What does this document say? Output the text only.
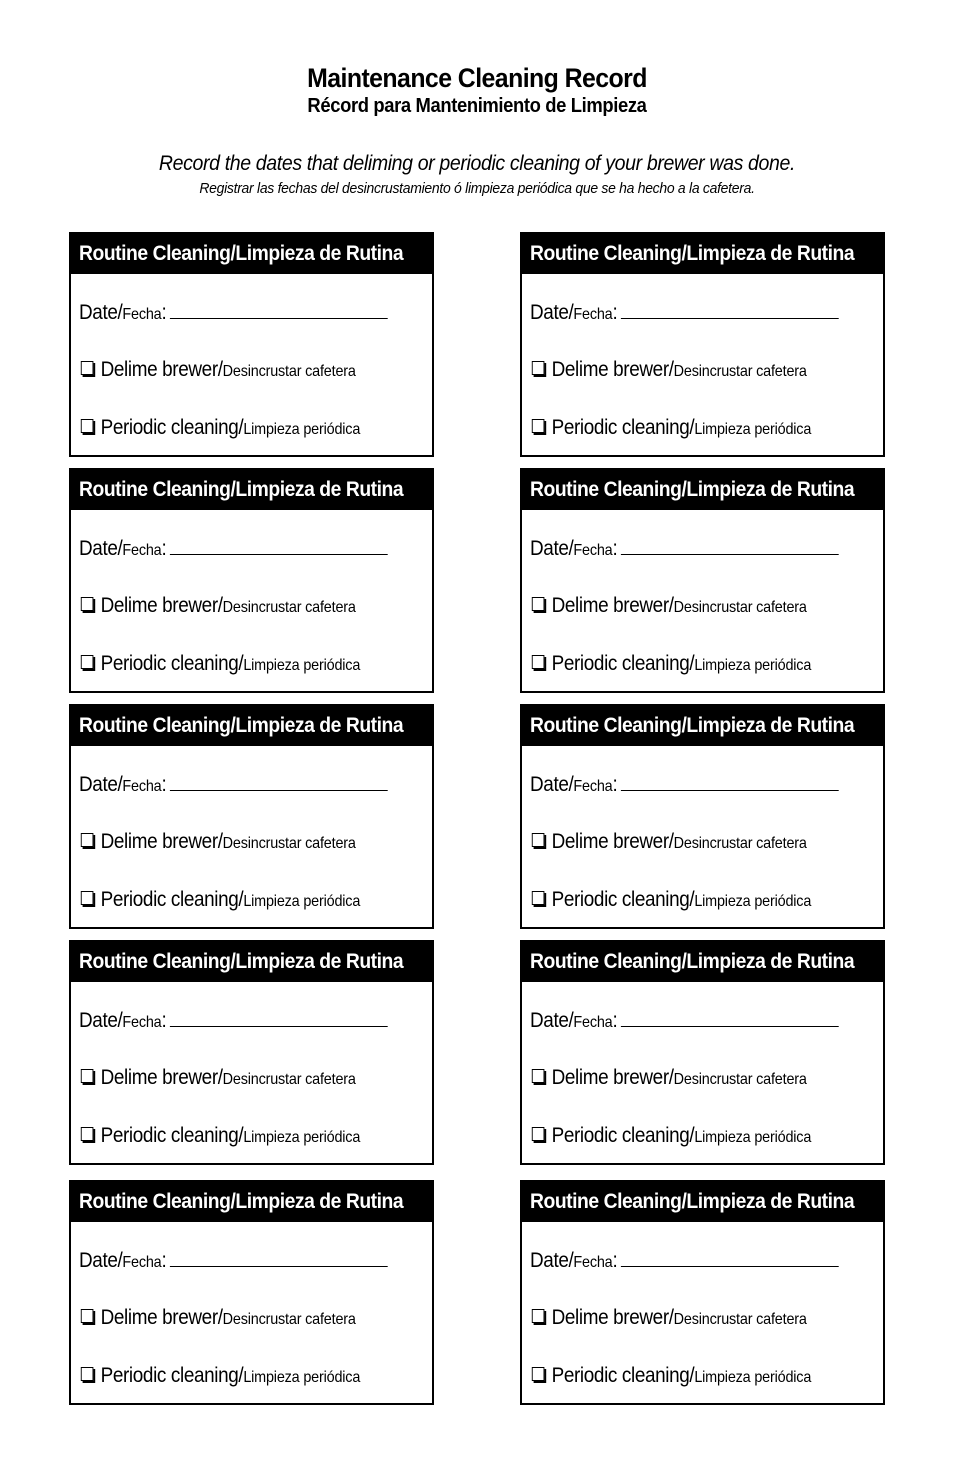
Maintenance Cleaning Record
Récord para Mantenimiento de Limpieza
Record the dates that deliming or periodic cleaning of your brewer was done.
Registrar las fechas del desincrustamiento ó limpieza periódica que se ha hecho a la cafetera.
Routine Cleaning/Limpieza de Rutina
Date/Fecha:
Delime brewer/Desincrustar cafetera
Periodic cleaning/Limpieza periódica
Routine Cleaning/Limpieza de Rutina
Date/Fecha:
Delime brewer/Desincrustar cafetera
Periodic cleaning/Limpieza periódica
Routine Cleaning/Limpieza de Rutina
Date/Fecha:
Delime brewer/Desincrustar cafetera
Periodic cleaning/Limpieza periódica
Routine Cleaning/Limpieza de Rutina
Date/Fecha:
Delime brewer/Desincrustar cafetera
Periodic cleaning/Limpieza periódica
Routine Cleaning/Limpieza de Rutina
Date/Fecha:
Delime brewer/Desincrustar cafetera
Periodic cleaning/Limpieza periódica
Routine Cleaning/Limpieza de Rutina
Date/Fecha:
Delime brewer/Desincrustar cafetera
Periodic cleaning/Limpieza periódica
Routine Cleaning/Limpieza de Rutina
Date/Fecha:
Delime brewer/Desincrustar cafetera
Periodic cleaning/Limpieza periódica
Routine Cleaning/Limpieza de Rutina
Date/Fecha:
Delime brewer/Desincrustar cafetera
Periodic cleaning/Limpieza periódica
Routine Cleaning/Limpieza de Rutina
Date/Fecha:
Delime brewer/Desincrustar cafetera
Periodic cleaning/Limpieza periódica
Routine Cleaning/Limpieza de Rutina
Date/Fecha:
Delime brewer/Desincrustar cafetera
Periodic cleaning/Limpieza periódica
